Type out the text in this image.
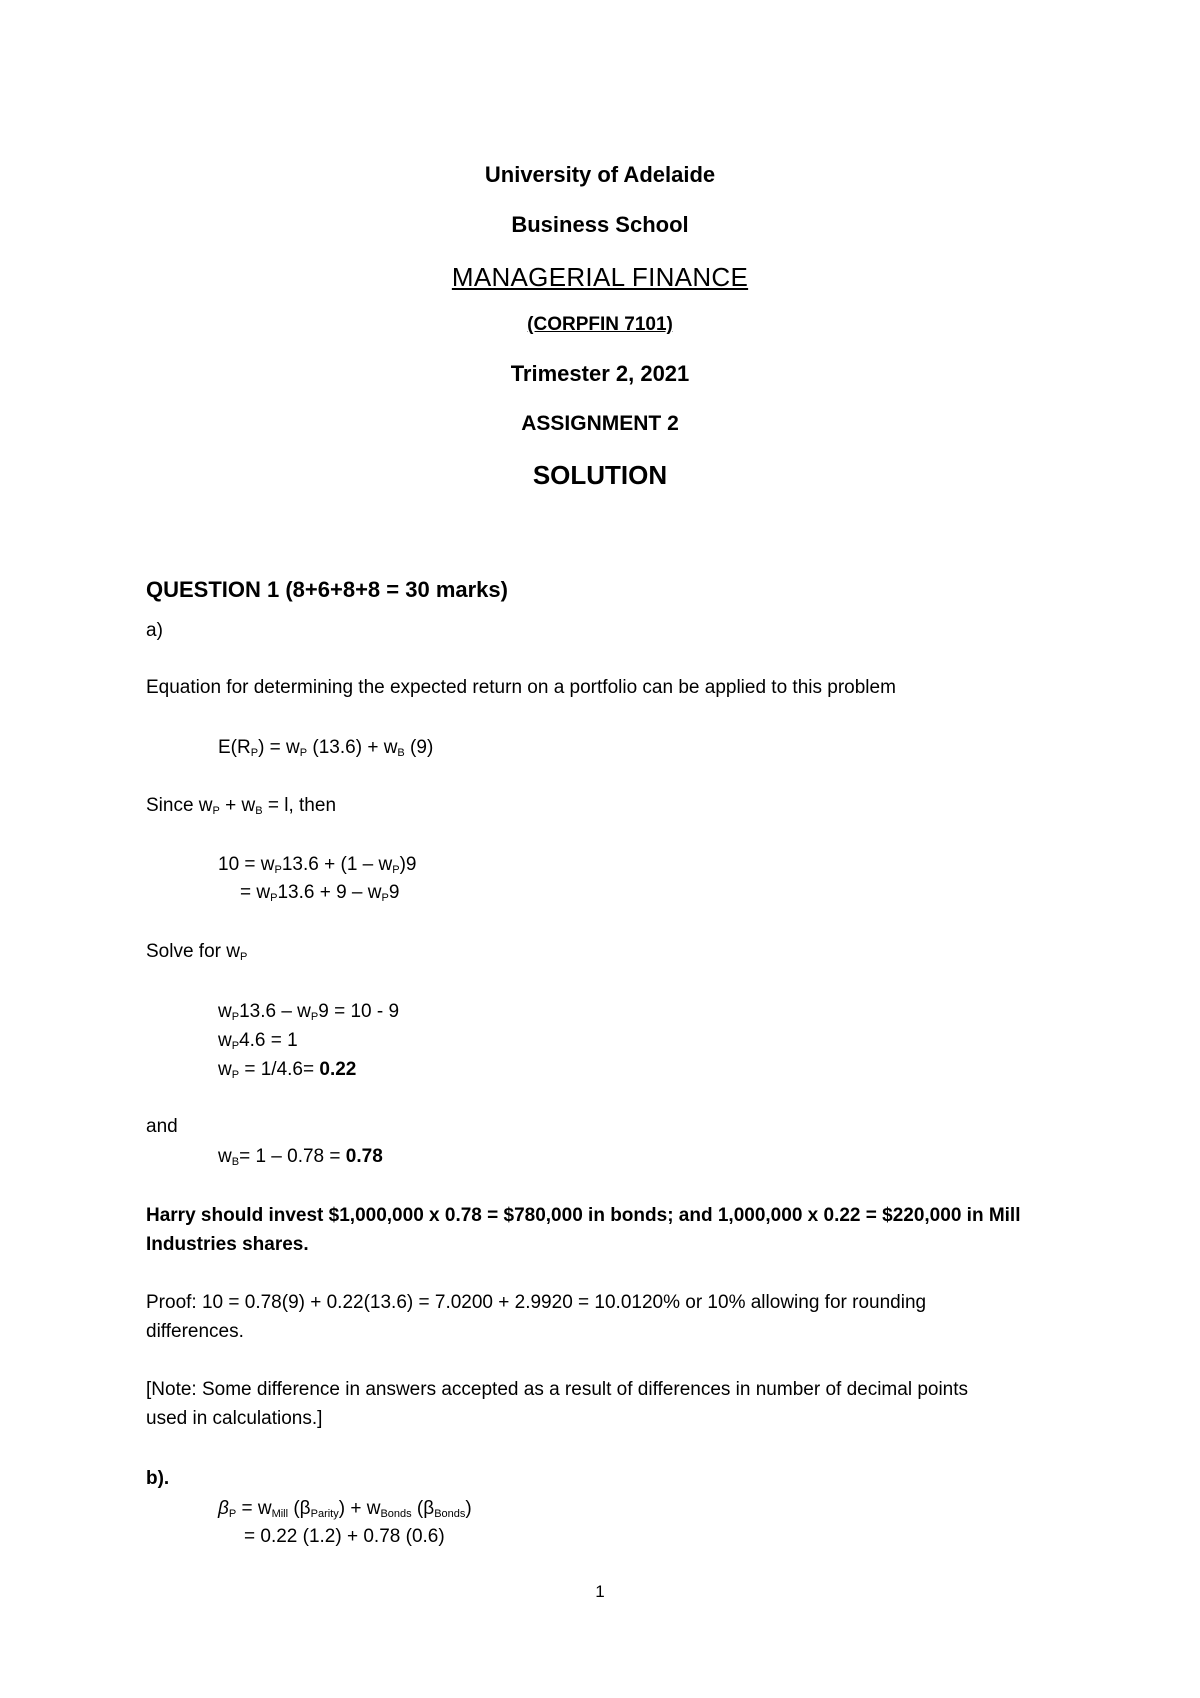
University of Adelaide
Business School
MANAGERIAL FINANCE
(CORPFIN 7101)
Trimester 2, 2021
ASSIGNMENT 2
SOLUTION
QUESTION 1 (8+6+8+8 = 30 marks)
a)
Equation for determining the expected return on a portfolio can be applied to this problem
$E(R_P) = w_P$ $(13.6) + w_B$ (9)
Since $w_P + w_B = l$, then
$10 = w_P13.6 + (1 - w_P)9$
= $w_P13.6 + 9 - w_P9$
Solve for $w_P$
$w_P13.6 - w_P9 = 10 - 9$
$w_P4.6 = 1$
$w_P = 1/4.6= 0.22$
and
$w_B= 1 - 0.78 = 0.78$
Harry should invest $1,000,000 x 0.78 = $780,000 in bonds; and 1,000,000 x 0.22 = $220,000 in Mill
Industries shares.
Proof: 10 = 0.78(9) + 0.22(13.6) = 7.0200 + 2.9920 = 10.0120% or 10% allowing for rounding
differences.
[Note: Some difference in answers accepted as a result of differences in number of decimal points
used in calculations.]
b).
$\beta_P = w_{Mill}$ $(\beta_{Parity}) + w_{Bonds}$ $(\beta_{Bonds})$
= 0.22 (1.2) + 0.78 (0.6)
1
